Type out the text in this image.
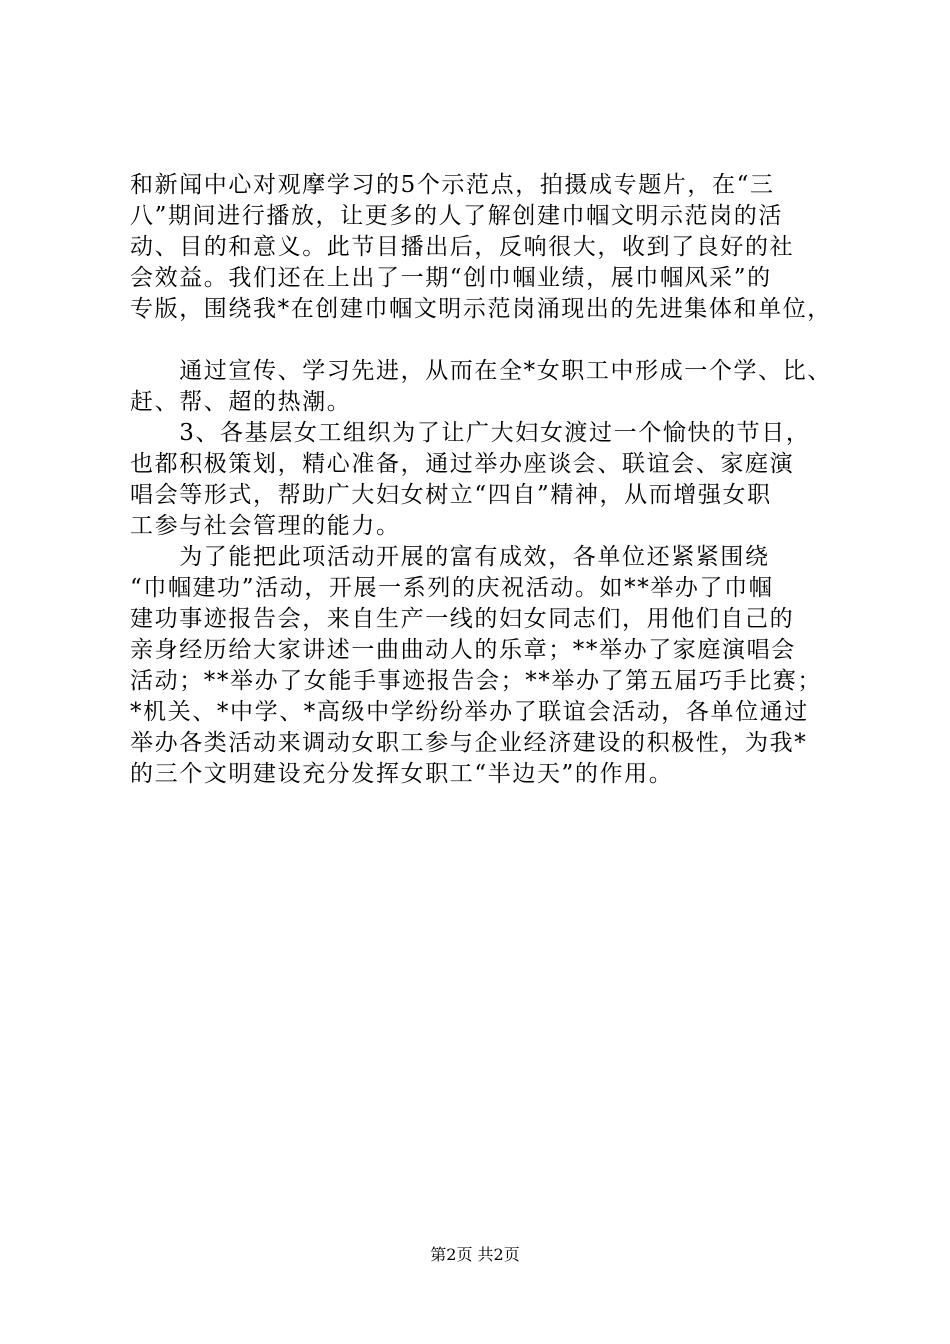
和新闻中心对观摩学习的5个示范点，拍摄成专题片，在“三

八”期间进行播放，让更多的人了解创建巾帼文明示范岗的活

动、目的和意义。此节目播出后，反响很大，收到了良好的社

会效益。我们还在上出了一期“创巾帼业绩，展巾帼风采”的

专版，围绕我*在创建巾帼文明示范岗涌现出的先进集体和单位，

　　通过宣传、学习先进，从而在全*女职工中形成一个学、比、

赶、帮、超的热潮。

　　3、各基层女工组织为了让广大妇女渡过一个愉快的节日，

也都积极策划，精心准备，通过举办座谈会、联谊会、家庭演

唱会等形式，帮助广大妇女树立“四自”精神，从而增强女职

工参与社会管理的能力。

　　为了能把此项活动开展的富有成效，各单位还紧紧围绕

“巾帼建功”活动，开展一系列的庆祝活动。如**举办了巾帼

建功事迹报告会，来自生产一线的妇女同志们，用他们自己的

亲身经历给大家讲述一曲曲动人的乐章；**举办了家庭演唱会

活动；**举办了女能手事迹报告会；**举办了第五届巧手比赛；

*机关、*中学、*高级中学纷纷举办了联谊会活动，各单位通过

举办各类活动来调动女职工参与企业经济建设的积极性，为我*

的三个文明建设充分发挥女职工“半边天”的作用。

第2页 共2页
